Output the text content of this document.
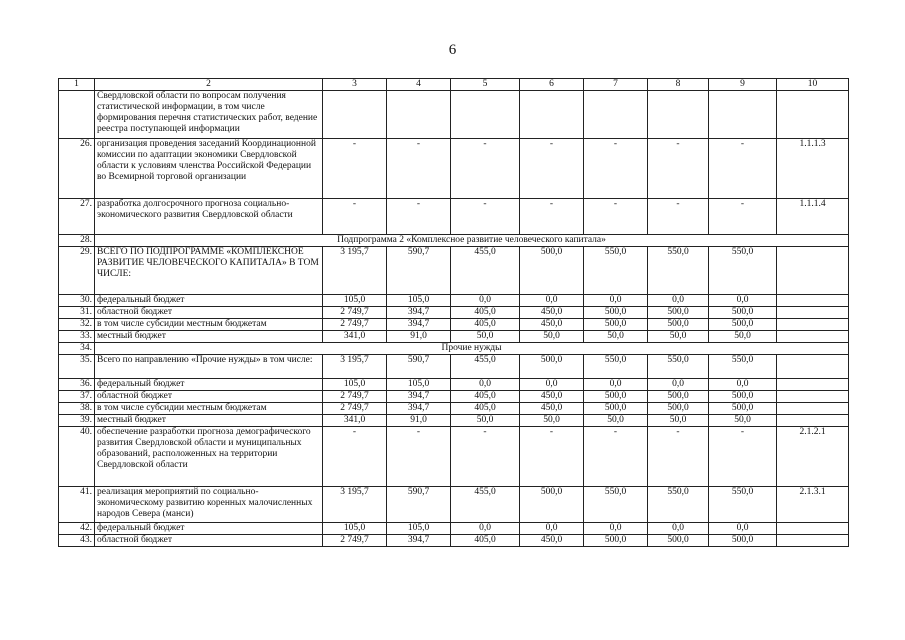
6
1	2	3	4	5	6	7	8	9	10
	Свердловской области по вопросам получения статистической информации, в том числе формирования перечня статистических работ, ведение реестра поступающей информации								
26.	организация проведения заседаний Координационной комиссии по адаптации экономики Свердловской области к условиям членства Российской Федерации во Всемирной торговой организации	-	-	-	-	-	-	-	1.1.1.3
27.	разработка долгосрочного прогноза социально-экономического развития Свердловской области	-	-	-	-	-	-	-	1.1.1.4
28.	Подпрограмма 2 «Комплексное развитие человеческого капитала»								
29.	ВСЕГО ПО ПОДПРОГРАММЕ «КОМПЛЕКСНОЕ РАЗВИТИЕ ЧЕЛОВЕЧЕСКОГО КАПИТАЛА» В ТОМ ЧИСЛЕ:	3 195,7	590,7	455,0	500,0	550,0	550,0	550,0	
30.	федеральный бюджет	105,0	105,0	0,0	0,0	0,0	0,0	0,0	
31.	областной бюджет	2 749,7	394,7	405,0	450,0	500,0	500,0	500,0	
32.	в том числе субсидии местным бюджетам	2 749,7	394,7	405,0	450,0	500,0	500,0	500,0	
33.	местный бюджет	341,0	91,0	50,0	50,0	50,0	50,0	50,0	
34.	Прочие нужды								
35.	Всего по направлению «Прочие нужды» в том числе:	3 195,7	590,7	455,0	500,0	550,0	550,0	550,0	
36.	федеральный бюджет	105,0	105,0	0,0	0,0	0,0	0,0	0,0	
37.	областной бюджет	2 749,7	394,7	405,0	450,0	500,0	500,0	500,0	
38.	в том числе субсидии местным бюджетам	2 749,7	394,7	405,0	450,0	500,0	500,0	500,0	
39.	местный бюджет	341,0	91,0	50,0	50,0	50,0	50,0	50,0	
40.	обеспечение разработки прогноза демографического развития Свердловской области и муниципальных образований, расположенных на территории Свердловской области	-	-	-	-	-	-	-	2.1.2.1
41.	реализация мероприятий по социально-экономическому развитию коренных малочисленных народов Севера (манси)	3 195,7	590,7	455,0	500,0	550,0	550,0	550,0	2.1.3.1
42.	федеральный бюджет	105,0	105,0	0,0	0,0	0,0	0,0	0,0	
43.	областной бюджет	2 749,7	394,7	405,0	450,0	500,0	500,0	500,0	
